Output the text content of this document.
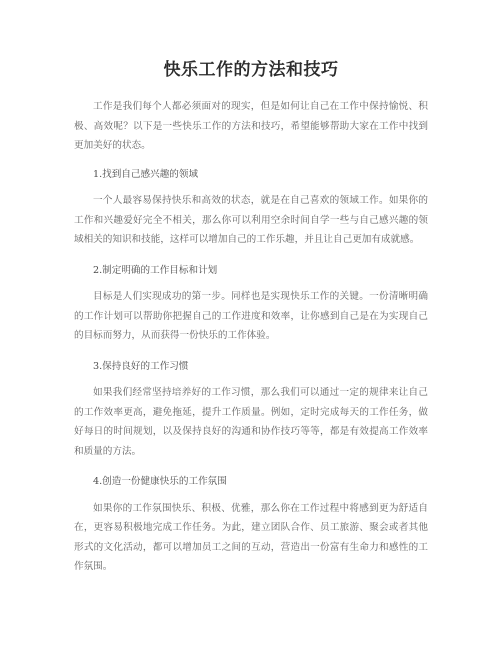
快乐工作的方法和技巧

工作是我们每个人都必须面对的现实，但是如何让自己在工作中保持愉悦、积极、高效呢？以下是一些快乐工作的方法和技巧，希望能够帮助大家在工作中找到更加美好的状态。

1.找到自己感兴趣的领域

一个人最容易保持快乐和高效的状态，就是在自己喜欢的领域工作。如果你的工作和兴趣爱好完全不相关，那么你可以利用空余时间自学一些与自己感兴趣的领域相关的知识和技能，这样可以增加自己的工作乐趣，并且让自己更加有成就感。

2.制定明确的工作目标和计划

目标是人们实现成功的第一步。同样也是实现快乐工作的关键。一份清晰明确的工作计划可以帮助你把握自己的工作进度和效率，让你感到自己是在为实现自己的目标而努力，从而获得一份快乐的工作体验。

3.保持良好的工作习惯

如果我们经常坚持培养好的工作习惯，那么我们可以通过一定的规律来让自己的工作效率更高，避免拖延，提升工作质量。例如，定时完成每天的工作任务，做好每日的时间规划，以及保持良好的沟通和协作技巧等等，都是有效提高工作效率和质量的方法。

4.创造一份健康快乐的工作氛围

如果你的工作氛围快乐、积极、优雅，那么你在工作过程中将感到更为舒适自在，更容易积极地完成工作任务。为此，建立团队合作、员工旅游、聚会或者其他形式的文化活动，都可以增加员工之间的互动，营造出一份富有生命力和感性的工作氛围。
